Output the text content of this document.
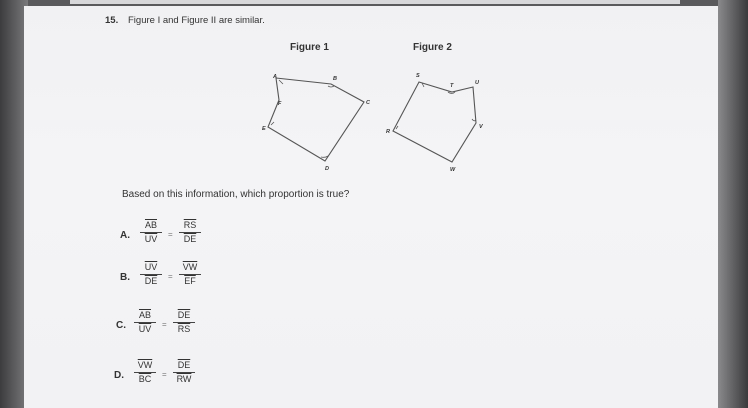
15. Figure I and Figure II are similar.
Figure 1	Figure 2
A	B
C
D
E
F
S
T	U
V
W
R
Based on this information, which proportion is true?
A. $\frac{\overline{AB}}{UV} = \frac{\overline{RS}}{DE}$
B. $\frac{\overline{UV}}{DE} = \frac{\overline{VW}}{EF}$
C. $\frac{\overline{AB}}{UV} = \frac{\overline{DE}}{RS}$
D. $\frac{\overline{VW}}{BC} = \frac{\overline{DE}}{RW}$
